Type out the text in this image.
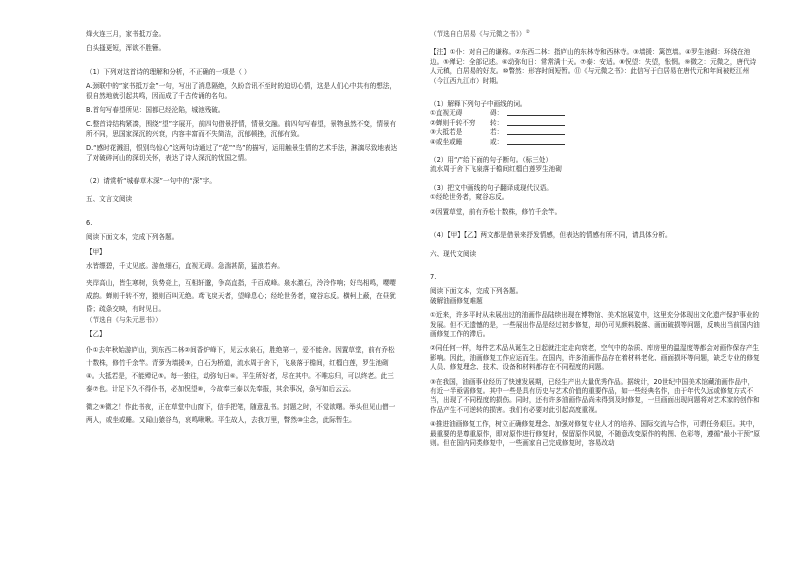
烽火连三月，家书抵万金。

白头搔更短，浑欲不胜簪。

（1）下列对这首诗的理解和分析，不正确的一项是（ ）

A.颈联中的“家书抵万金”一句，写出了消息隔绝，久盼音讯不至时的迫切心情，这是人们心中共有的想法，很自然地就引起共鸣，因而成了千古传诵的名句。

B.首句写春望所见：国都已经沦陷，城池残破。

C.整首诗结构紧凑，围绕“望”字展开，前四句借景抒情，情景交融。前四句写春望，景物虽然不变，情景有所不同，思国家深沉的兴衰，内容丰富而不失简洁，沉郁顿挫，沉郁有致。

D.“感时花溅泪，恨别鸟惊心”这两句诗通过了“花”“鸟”的描写，运用触景生情的艺术手法，淋漓尽致地表达了对破碎河山的深切关怀，表达了诗人深沉的忧国之情。

（2）请赏析“城春草木深”一句中的“深”字。

五、文言文阅读

6.

阅读下面文本，完成下列各题。

【甲】

水皆缥碧，千丈见底。游鱼细石，直视无碍。急湍甚箭，猛浪若奔。

夹岸高山，皆生寒树，负势竞上，互相轩邈，争高直指，千百成峰。泉水激石，泠泠作响；好鸟相鸣，嘤嘤成韵。蝉则千转不穷，猿则百叫无绝。鸢飞戾天者，望峰息心；经纶世务者，窥谷忘反。横柯上蔽，在昼犹昏；疏条交映，有时见日。

（节选自《与朱元思书》）

【乙】

仆①去年秋始游庐山，到东西二林②间香炉峰下，见云水泉石，胜绝第一，爱不能舍。因置草堂，前有乔松十数株，修竹千余竿。青萝为墙援③，白石为桥道，流水周于舍下，飞泉落于檐间，红榴白莲，罗生池砌④。大抵若是，不能殚记⑤。每一独往，动弥旬日⑥。平生所好者，尽在其中。不唯忘归，可以终老。此三泰⑦也。计足下久不得仆书，必加怳望⑧，今故奉三泰以先奉报，其余事况，条写如后云云。

微之⑨微之！作此书夜，正在草堂中山窗下，信手把笔，随意乱书。封题之时，不觉欲曙。举头但见山僧一两人，或坐或睡。又闻山猿谷鸟，哀鸣啾啾。平生故人，去我万里，瞥然⑩尘念，此际暂生。

（节选自白居易《与元微之书》）②

【注】①仆：对自己的谦称。②东西二林：指庐山的东林寺和西林寺。③墙援：篱笆墙。④罗生池砌：环绕在池边。⑤殚记：全部记述。⑥动弥旬日：常常满十天。⑦泰：安适。⑧怳望：失望，怅惘。⑨微之：元微之，唐代诗人元稹，白居易的好友。⑩瞥然：形容时间短暂。⑪《与元微之书》：此信写于白居易在唐代元和年间被贬江州（今江西九江市）时期。

（1）解释下列句子中画线的词。

①直视无碍	碍：
②蝉则千转不穷	转：
③大抵若是	若：
④或坐或睡	或：

（2）用“/”给下面的句子断句。（标三处）

流水周于舍下飞泉落于檐间红榴白莲罗生池砌

（3）把文中画线的句子翻译成现代汉语。

①经纶世务者，窥谷忘反。

②因置草堂，前有乔松十数株，修竹千余竿。

（4）【甲】【乙】两文都是借景来抒发情感，但表达的情感有所不同，请具体分析。

六、现代文阅读

7.

阅读下面文本，完成下列各题。

破解油画修复难题

①近来，许多平时从未展出过的油画作品陆续出现在博物馆、美术馆展览中，这里充分体现出文化遗产保护事业的发展。但不无遗憾的是，一些展出作品是经过初步修复，却仍可见颜料脱落、画面破损等问题，反映出当前国内油画修复工作的滞后。

②同任何一样，每件艺术品从诞生之日起就注定走向衰老，空气中的杂质、库房里的温湿度等都会对画作保存产生影响。因此，油画修复工作应运而生。在国内，许多油画作品存在着材料老化、画面损坏等问题，缺乏专业的修复人员、修复理念、技术、设备和材料都存在不同程度的问题。

③在我国，油画事业经历了快速发展期，已经生产出大量优秀作品。据统计，20世纪中国美术馆藏油画作品中，有近一半亟需修复。其中一些是具有历史与艺术价值的重要作品，如一些经典名作，由于年代久远或修复方式不当，出现了不同程度的损伤。同时，还有许多油画作品尚未得到及时修复，一旦画面出现问题将对艺术家的创作和作品产生不可逆转的损害。我们有必要对此引起高度重视。

④推进油画修复工作，树立正确修复理念、加强对修复专业人才的培养、国际交流与合作，可谓任务艰巨。其中，最重要的是尊重原作，即对原作进行修复时，保留原作风貌，不随意改变原作的构图、色彩等，遵循“最小干预”原则。但在国内同类修复中，一些画家自己完成修复时，容易改动
